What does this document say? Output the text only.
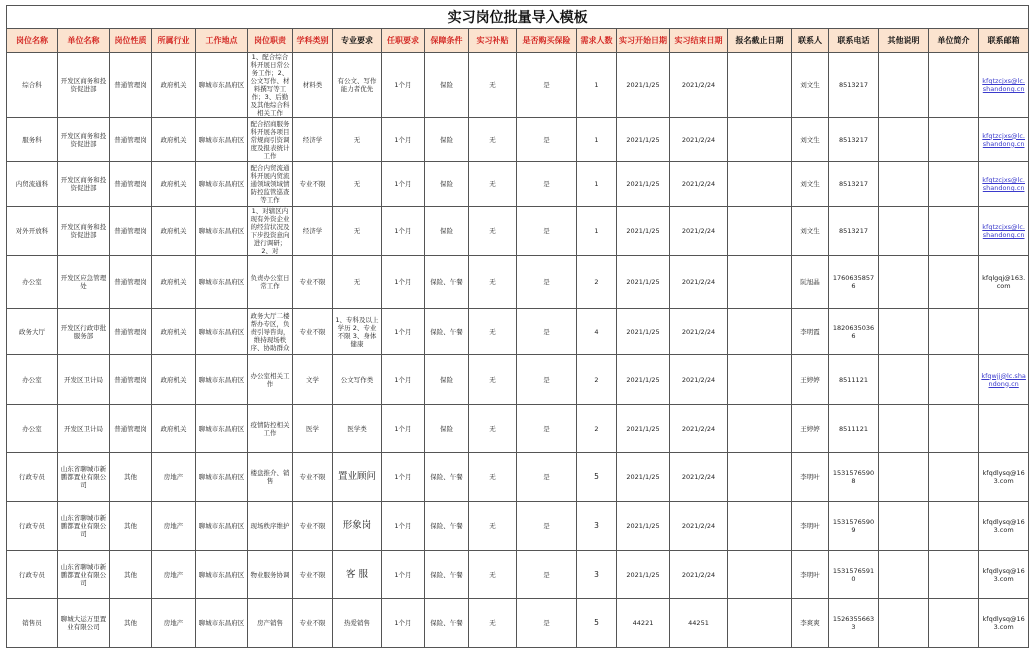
实习岗位批量导入模板																				
岗位名称	单位名称	岗位性质	所属行业	工作地点	岗位职责	学科类别	专业要求	任职要求	保障条件	实习补贴	是否购买保险	需求人数	实习开始日期	实习结束日期	报名截止日期	联系人	联系电话	其他说明	单位简介	联系邮箱
综合科	开发区商务和投资促进部	普通管理岗	政府机关	聊城市东昌府区	1、配合综合科开展日常公务工作；2、公文写作、材料撰写等工作；3、后勤及其他综合科相关工作	材料类	有公文、写作能力者优先	1个月	保险	无	是	1	2021/1/25	2021/2/24		刘文生	8513217			kfqtzcjxs@lc.shandong.cn
服务科	开发区商务和投资促进部	普通管理岗	政府机关	聊城市东昌府区	配合招商服务科开展各项目常规商引资调度及报表统计工作	经济学	无	1个月	保险	无	是	1	2021/1/25	2021/2/24		刘文生	8513217			kfqtzcjxs@lc.shandong.cn
内贸流通科	开发区商务和投资促进部	普通管理岗	政府机关	聊城市东昌府区	配合内贸流通科开展内贸流通领域领域情防控监管巡查等工作	专业不限	无	1个月	保险	无	是	1	2021/1/25	2021/2/24		刘文生	8513217			kfqtzcjxs@lc.shandong.cn
对外开放科	开发区商务和投资促进部	普通管理岗	政府机关	聊城市东昌府区	1、对辖区内现有外资企业的经营状况及下步投资意向进行调研；2、对	经济学	无	1个月	保险	无	是	1	2021/1/25	2021/2/24		刘文生	8513217			kfqtzcjxs@lc.shandong.cn
办公室	开发区应急管理处	普通管理岗	政府机关	聊城市东昌府区	负责办公室日常工作	专业不限	无	1个月	保险、午餐	无	是	2	2021/1/25	2021/2/24		阮旭晶	17606358576			kfqlgqj@163.com
政务大厅	开发区行政审批服务部	普通管理岗	政府机关	聊城市东昌府区	政务大厅二楼帮办专区，负责引导咨询，维持现场秩序、协助群众	专业不限	1、专科及以上学历 2、专业不限 3、身体健康	1个月	保险、午餐	无	是	4	2021/1/25	2021/2/24		李明霞	18206350366			
办公室	开发区卫计局	普通管理岗	政府机关	聊城市东昌府区	办公室相关工作	文学	公文写作类	1个月	保险	无	是	2	2021/1/25	2021/2/24		王婷婷	8511121			kfqwjj@lc.shandong.cn
办公室	开发区卫计局	普通管理岗	政府机关	聊城市东昌府区	疫情防控相关工作	医学	医学类	1个月	保险	无	是	2	2021/1/25	2021/2/24		王婷婷	8511121			
行政专员	山东省聊城市新鹏都置业有限公司	其他	房地产	聊城市东昌府区	楼盘推介、销售	专业不限	置业顾问	1个月	保险、午餐	无	是	5	2021/1/25	2021/2/24		李明叶	15315765908			kfqdlysq@163.com
行政专员	山东省聊城市新鹏都置业有限公司	其他	房地产	聊城市东昌府区	现场秩序维护	专业不限	形象岗	1个月	保险、午餐	无	是	3	2021/1/25	2021/2/24		李明叶	15315765909			kfqdlysq@163.com
行政专员	山东省聊城市新鹏都置业有限公司	其他	房地产	聊城市东昌府区	物业服务协调	专业不限	客 服	1个月	保险、午餐	无	是	3	2021/1/25	2021/2/24		李明叶	15315765910			kfqdlysq@163.com
销售员	聊城大运万里置业有限公司	其他	房地产	聊城市东昌府区	房产销售	专业不限	热爱销售	1个月	保险、午餐	无	是	5	44221	44251		李爽爽	15263556633			kfqdlysq@163.com
